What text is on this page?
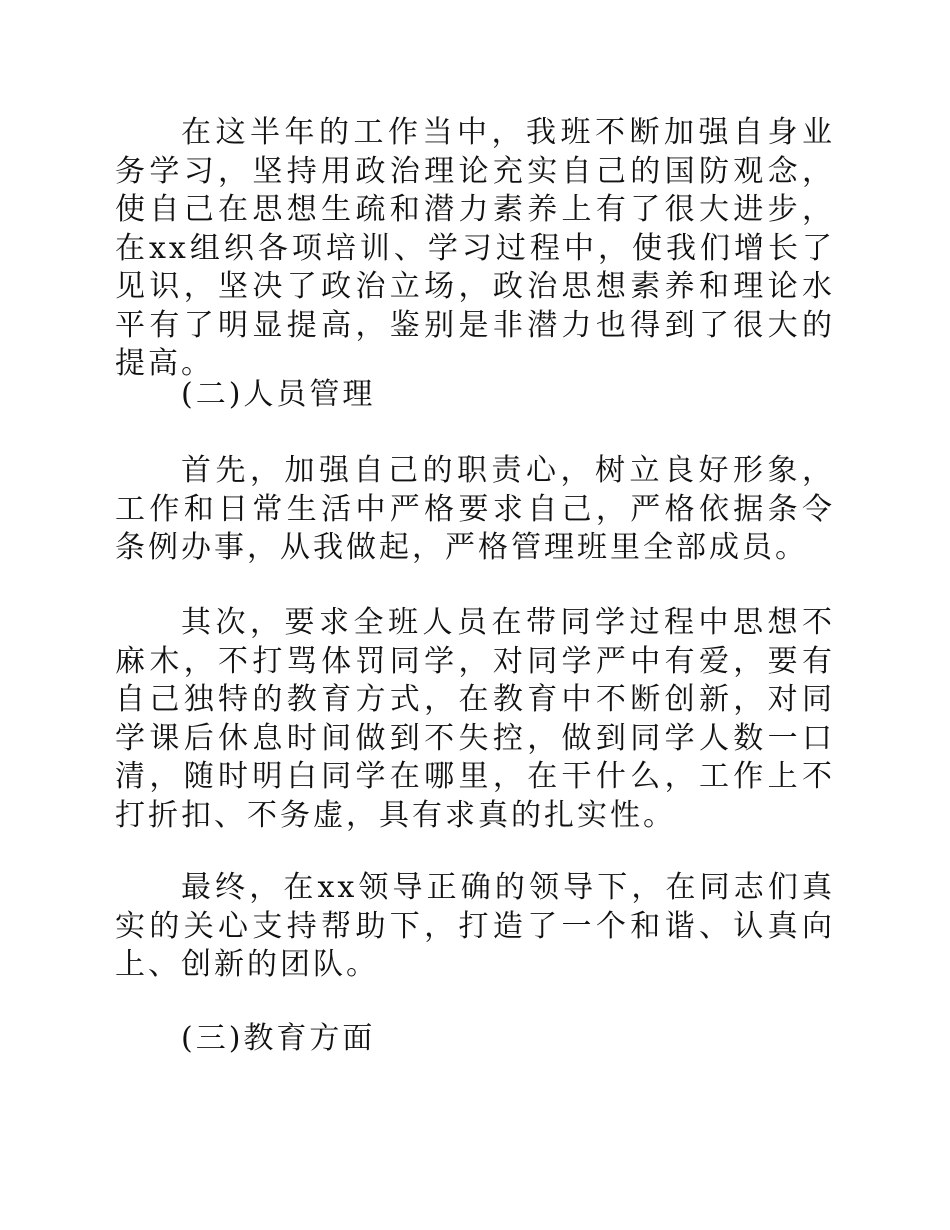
在这半年的工作当中，我班不断加强自身业务学习，坚持用政治理论充实自己的国防观念，使自己在思想生疏和潜力素养上有了很大进步，在xx组织各项培训、学习过程中，使我们增长了见识，坚决了政治立场，政治思想素养和理论水平有了明显提高，鉴别是非潜力也得到了很大的提高。

(二)人员管理

首先，加强自己的职责心，树立良好形象，工作和日常生活中严格要求自己，严格依据条令条例办事，从我做起，严格管理班里全部成员。

其次，要求全班人员在带同学过程中思想不麻木，不打骂体罚同学，对同学严中有爱，要有自己独特的教育方式，在教育中不断创新，对同学课后休息时间做到不失控，做到同学人数一口清，随时明白同学在哪里，在干什么，工作上不打折扣、不务虚，具有求真的扎实性。

最终，在xx领导正确的领导下，在同志们真实的关心支持帮助下，打造了一个和谐、认真向上、创新的团队。

(三)教育方面
